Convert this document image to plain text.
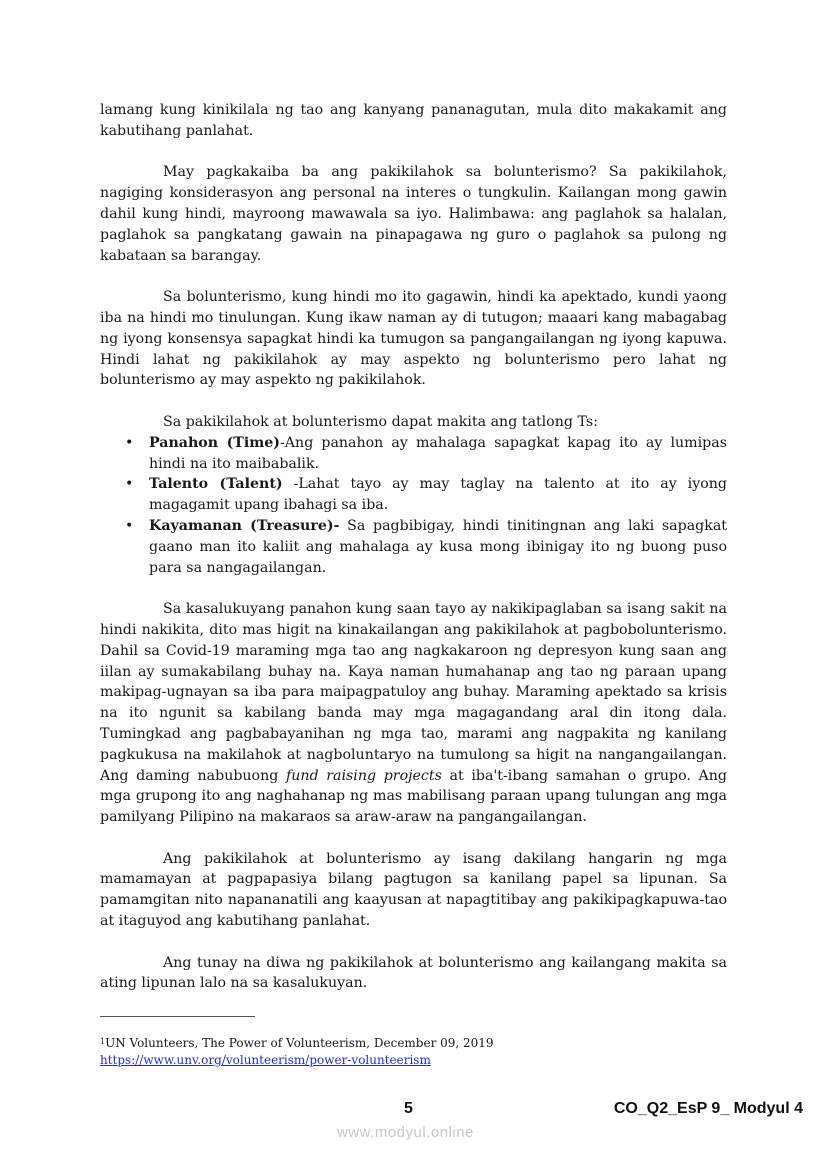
lamang kung kinikilala ng tao ang kanyang pananagutan, mula dito makakamit ang kabutihang panlahat.

May pagkakaiba ba ang pakikilahok sa bolunterismo? Sa pakikilahok, nagiging konsiderasyon ang personal na interes o tungkulin. Kailangan mong gawin dahil kung hindi, mayroong mawawala sa iyo. Halimbawa: ang paglahok sa halalan, paglahok sa pangkatang gawain na pinapagawa ng guro o paglahok sa pulong ng kabataan sa barangay.

Sa bolunterismo, kung hindi mo ito gagawin, hindi ka apektado, kundi yaong iba na hindi mo tinulungan. Kung ikaw naman ay di tutugon; maaari kang mabagabag ng iyong konsensya sapagkat hindi ka tumugon sa pangangailangan ng iyong kapuwa. Hindi lahat ng pakikilahok ay may aspekto ng bolunterismo pero lahat ng bolunterismo ay may aspekto ng pakikilahok.

Sa pakikilahok at bolunterismo dapat makita ang tatlong Ts:

• Panahon (Time)-Ang panahon ay mahalaga sapagkat kapag ito ay lumipas hindi na ito maibabalik.
• Talento (Talent) -Lahat tayo ay may taglay na talento at ito ay iyong magagamit upang ibahagi sa iba.
• Kayamanan (Treasure)- Sa pagbibigay, hindi tinitingnan ang laki sapagkat gaano man ito kaliit ang mahalaga ay kusa mong ibinigay ito ng buong puso para sa nangagailangan.

Sa kasalukuyang panahon kung saan tayo ay nakikipaglaban sa isang sakit na hindi nakikita, dito mas higit na kinakailangan ang pakikilahok at pagbobolunterismo. Dahil sa Covid-19 maraming mga tao ang nagkakaroon ng depresyon kung saan ang iilan ay sumakabilang buhay na. Kaya naman humahanap ang tao ng paraan upang makipag-ugnayan sa iba para maipagpatuloy ang buhay. Maraming apektado sa krisis na ito ngunit sa kabilang banda may mga magagandang aral din itong dala. Tumingkad ang pagbabayanihan ng mga tao, marami ang nagpakita ng kanilang pagkukusa na makilahok at nagboluntaryo na tumulong sa higit na nangangailangan. Ang daming nabubuong fund raising projects at iba't-ibang samahan o grupo. Ang mga grupong ito ang naghahanap ng mas mabilisang paraan upang tulungan ang mga pamilyang Pilipino na makaraos sa araw-araw na pangangailangan.

Ang pakikilahok at bolunterismo ay isang dakilang hangarin ng mga mamamayan at pagpapasiya bilang pagtugon sa kanilang papel sa lipunan. Sa pamamgitan nito napananatili ang kaayusan at napagtitibay ang pakikipagkapuwa-tao at itaguyod ang kabutihang panlahat.

Ang tunay na diwa ng pakikilahok at bolunterismo ang kailangang makita sa ating lipunan lalo na sa kasalukuyan.

$^1$UN Volunteers, The Power of Volunteerism, December 09, 2019
https://www.unv.org/volunteerism/power-volunteerism
5	CO_Q2_EsP 9_ Modyul 4
www.modyul.online
